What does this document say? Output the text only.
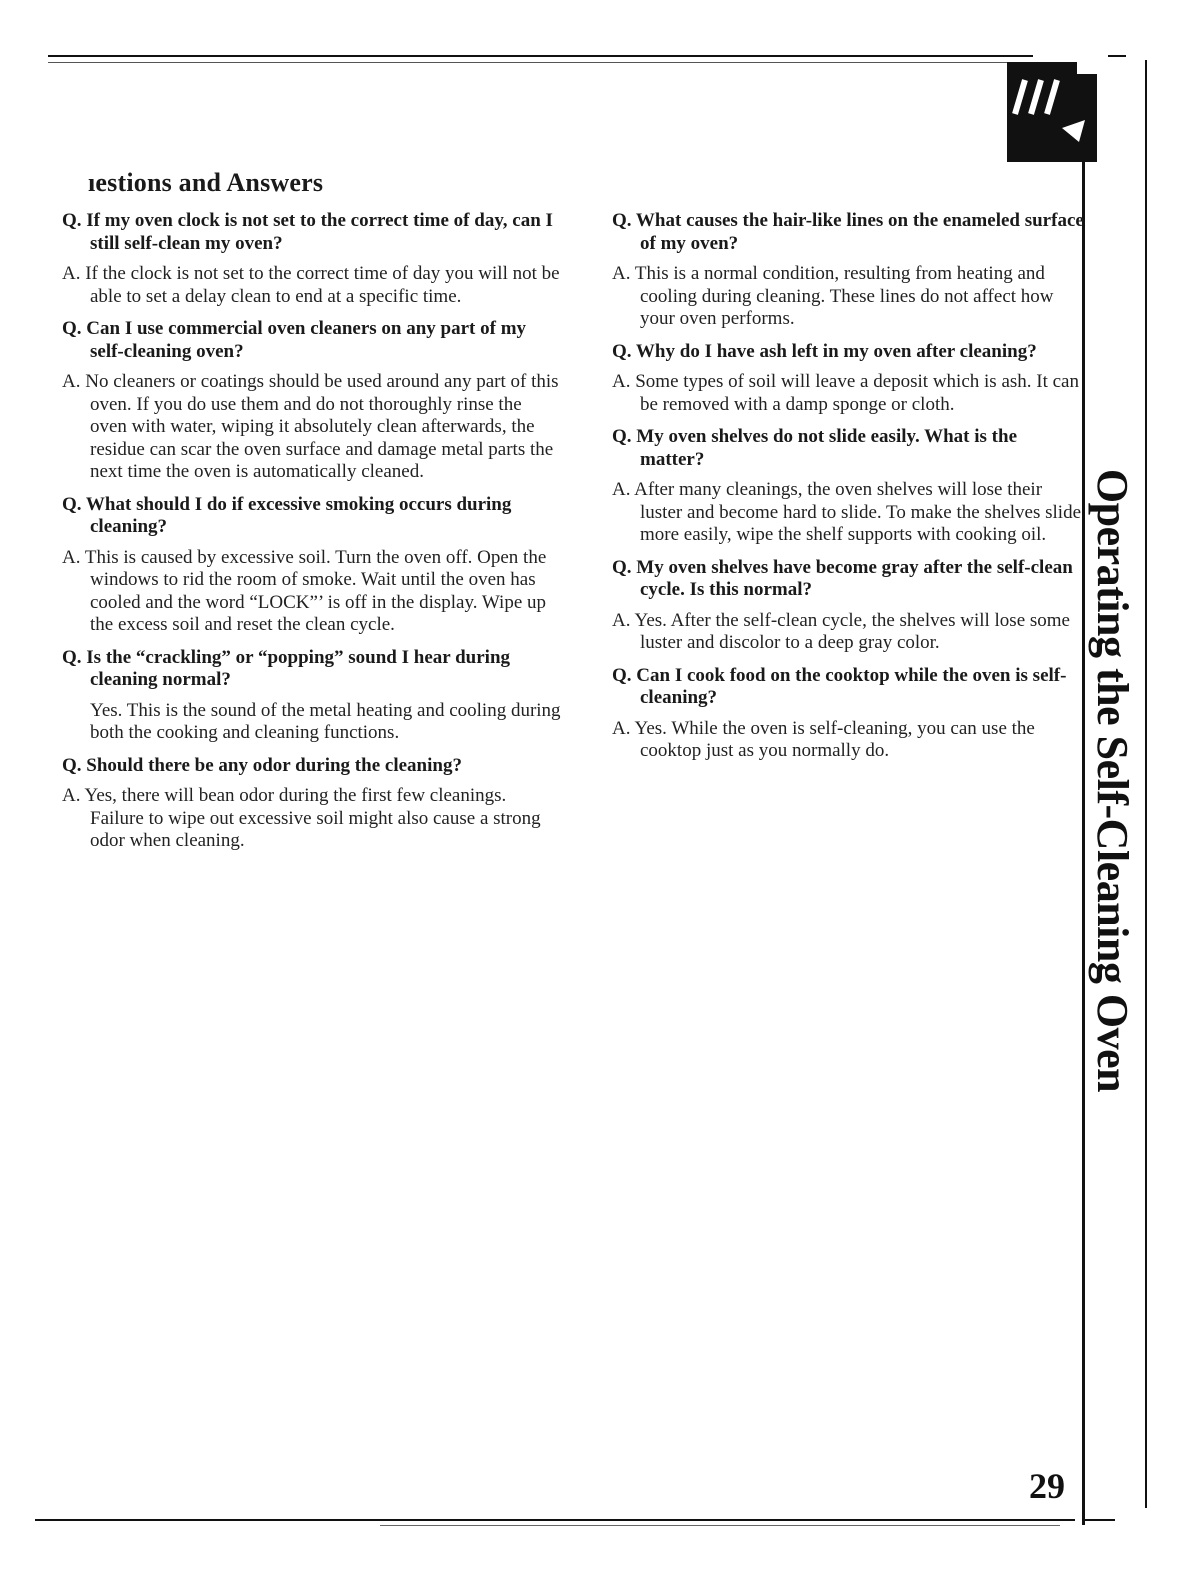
ıestions and Answers

Q. If my oven clock is not set to the correct time of day, can I still self-clean my oven?

A. If the clock is not set to the correct time of day you will not be able to set a delay clean to end at a specific time.

Q. Can I use commercial oven cleaners on any part of my self-cleaning oven?

A. No cleaners or coatings should be used around any part of this oven. If you do use them and do not thoroughly rinse the oven with water, wiping it absolutely clean afterwards, the residue can scar the oven surface and damage metal parts the next time the oven is automatically cleaned.

Q. What should I do if excessive smoking occurs during cleaning?

A. This is caused by excessive soil. Turn the oven off. Open the windows to rid the room of smoke. Wait until the oven has cooled and the word “LOCK”’ is off in the display. Wipe up the excess soil and reset the clean cycle.

Q. Is the “crackling” or “popping” sound I hear during cleaning normal?

Yes. This is the sound of the metal heating and cooling during both the cooking and cleaning functions.

Q. Should there be any odor during the cleaning?

A. Yes, there will bean odor during the first few cleanings. Failure to wipe out excessive soil might also cause a strong odor when cleaning.

Q. What causes the hair-like lines on the enameled surface of my oven?

A. This is a normal condition, resulting from heating and cooling during cleaning. These lines do not affect how your oven performs.

Q. Why do I have ash left in my oven after cleaning?

A. Some types of soil will leave a deposit which is ash. It can be removed with a damp sponge or cloth.

Q. My oven shelves do not slide easily. What is the matter?

A. After many cleanings, the oven shelves will lose their luster and become hard to slide. To make the shelves slide more easily, wipe the shelf supports with cooking oil.

Q. My oven shelves have become gray after the self-clean cycle. Is this normal?

A. Yes. After the self-clean cycle, the shelves will lose some luster and discolor to a deep gray color.

Q. Can I cook food on the cooktop while the oven is self-cleaning?

A. Yes. While the oven is self-cleaning, you can use the cooktop just as you normally do.	Operating the Self-Cleaning Oven
29
